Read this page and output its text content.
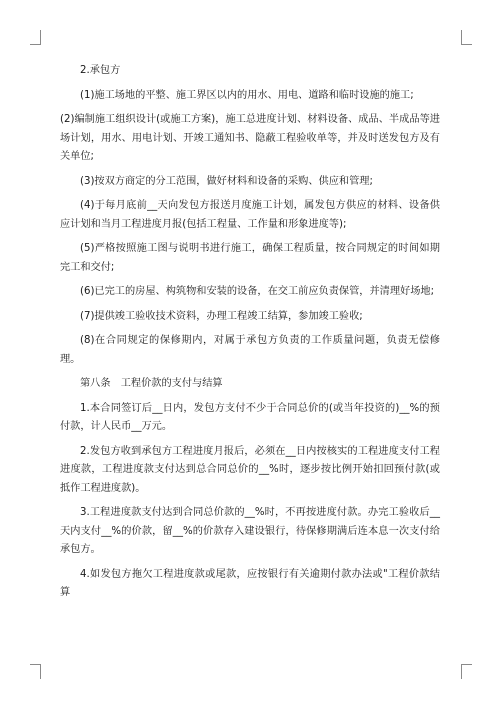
2.承包方

(1)施工场地的平整、施工界区以内的用水、用电、道路和临时设施的施工;

(2)编制施工组织设计(或施工方案)，施工总进度计划、材料设备、成品、半成品等进场计划，用水、用电计划、开竣工通知书、隐蔽工程验收单等，并及时送发包方及有关单位;

(3)按双方商定的分工范围，做好材料和设备的采购、供应和管理;

(4)于每月底前__天向发包方报送月度施工计划，属发包方供应的材料、设备供应计划和当月工程进度月报(包括工程量、工作量和形象进度等);

(5)严格按照施工图与说明书进行施工，确保工程质量，按合同规定的时间如期完工和交付;

(6)已完工的房屋、构筑物和安装的设备，在交工前应负责保管，并清理好场地;

(7)提供竣工验收技术资料，办理工程竣工结算，参加竣工验收;

(8)在合同规定的保修期内，对属于承包方负责的工作质量问题，负责无偿修理。

第八条　工程价款的支付与结算

1.本合同签订后__日内，发包方支付不少于合同总价的(或当年投资的)__%的预付款，计人民币__万元。

2.发包方收到承包方工程进度月报后，必须在__日内按核实的工程进度支付工程进度款，工程进度款支付达到总合同总价的__%时，逐步按比例开始扣回预付款(或抵作工程进度款)。

3.工程进度款支付达到合同总价款的__%时，不再按进度付款。办完工验收后__天内支付__%的价款，留__%的价款存入建设银行，待保修期满后连本息一次支付给承包方。

4.如发包方拖欠工程进度款或尾款，应按银行有关逾期付款办法或"工程价款结算
